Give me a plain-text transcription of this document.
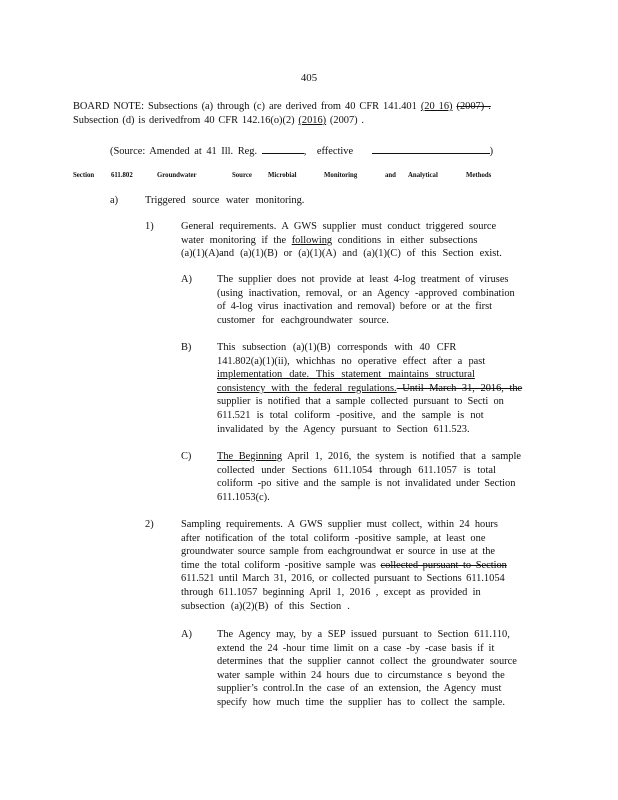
405
BOARD NOTE: Subsections (a) through (c) are derived from 40 CFR 141.401 (20 16) (2007) .
Subsection (d) is derivedfrom 40 CFR 142.16(o)(2) (2016) (2007) .
(Source: Amended at 41 Ill. Reg.	, effective	)
Section 611.802	Groundwater	Source Microbial	Monitoring	and Analytical	Methods
a)	Triggered source water monitoring.
1)	General requirements. A GWS supplier must conduct triggered source
water monitoring if the following conditions in either subsections
(a)(1)(A)and (a)(1)(B) or (a)(1)(A) and (a)(1)(C) of this Section exist.
A) The supplier does not provide at least 4-log treatment of viruses
(using inactivation, removal, or an Agency -approved combination
of 4-log virus inactivation and removal) before or at the first
customer for eachgroundwater source.
B) This subsection (a)(1)(B) corresponds with 40 CFR
141.802(a)(1)(ii), whichhas no operative effect after a past
implementation date. This statement maintains structural
consistency with the federal regulations. Until March 31, 2016, the
supplier is notified that a sample collected pursuant to Secti on
611.521 is total coliform -positive, and the sample is not
invalidated by the Agency pursuant to Section 611.523.
C) The Beginning April 1, 2016, the system is notified that a sample
collected under Sections 611.1054 through 611.1057 is total
coliform -po sitive and the sample is not invalidated under Section
611.1053(c).
2)	Sampling requirements. A GWS supplier must collect, within 24 hours
after notification of the total coliform -positive sample, at least one
groundwater source sample from eachgroundwat er source in use at the
time the total coliform -positive sample was collected pursuant to Section
611.521 until March 31, 2016, or collected pursuant to Sections 611.1054
through 611.1057 beginning April 1, 2016 , except as provided in
subsection (a)(2)(B) of this Section .
A) The Agency may, by a SEP issued pursuant to Section 611.110,
extend the 24 -hour time limit on a case -by -case basis if it
determines that the supplier cannot collect the groundwater source
water sample within 24 hours due to circumstance s beyond the
supplier’s control.In the case of an extension, the Agency must
specify how much time the supplier has to collect the sample.
